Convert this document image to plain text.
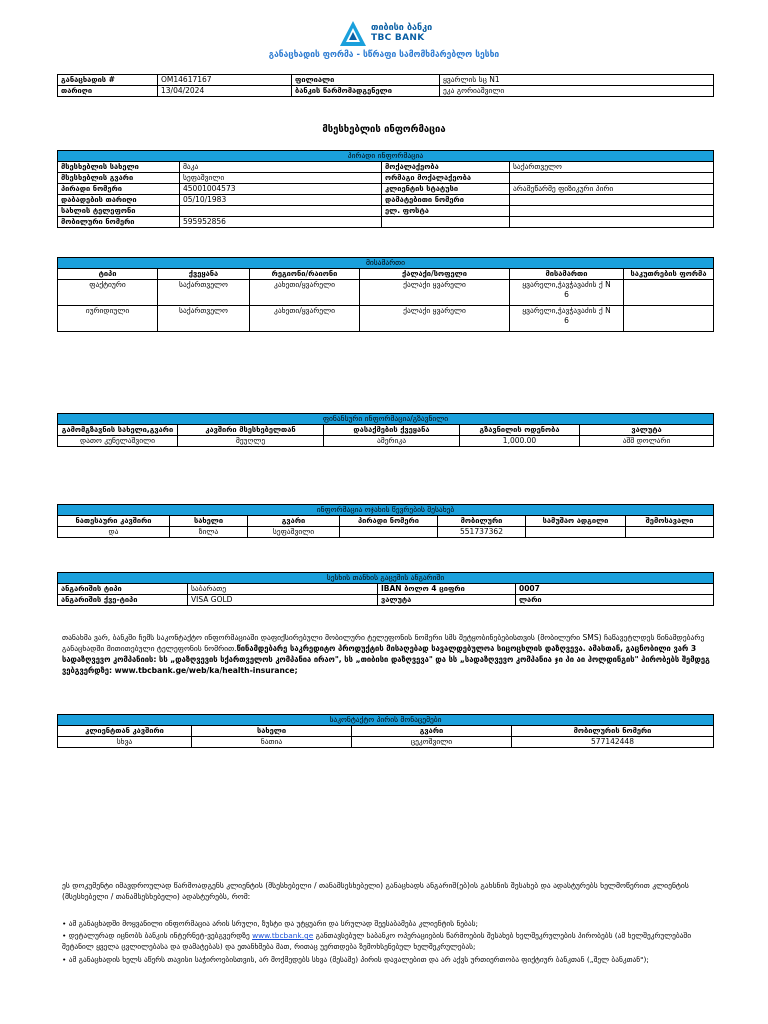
თიბისი ბანკი
TBC BANK
განაცხადის ფორმა - სწრაფი სამომხმარებლო სესხი
განაცხადის #	OM14617167	ფილიალი	ყვარლის სც N1
თარიღი	13/04/2024	ბანკის წარმომადგენელი	ეკა გორიაშვილი
მსესხებლის ინფორმაცია
პირადი ინფორმაცია			
მსესხებლის სახელი	მაკა	მოქალაქეობა	საქართველო
მსესხებლის გვარი	სეფაშვილი	ორმაგი მოქალაქეობა	
პირადი ნომერი	45001004573	კლიენტის სტატუსი	არამეწარმე ფიზიკური პირი
დაბადების თარიღი	05/10/1983	დამატებითი ნომერი	
სახლის ტელეფონი		ელ. ფოსტა	
მობილური ნომერი	595952856		
მისამართი					
ტიპი	ქვეყანა	რეგიონი/რაიონი	ქალაქი/სოფელი	მისამართი	საკუთრების ფორმა
ფაქტიური	საქართველო	კახეთი/ყვარელი	ქალაქი ყვარელი	ყვარელი,ჭავჭავაძის ქ N
6	

იურიდიული	საქართველო	კახეთი/ყვარელი	ქალაქი ყვარელი	ყვარელი,ჭავჭავაძის ქ N
6	

ფინანსური ინფორმაცია/გზავნილი				
გამომგზავნის სახელი,გვარი	კავშირი მსესხებელთან	დასაქმების ქვეყანა	გზავნილის ოდენობა	ვალუტა
დათო კუნელაშვილი	მეუღლე	ამერიკა	1,000.00	აშშ დოლარი
ინფორმაცია ოჯახის წევრების შესახებ						
ნათესაური კავშირი	სახელი	გვარი	პირადი ნომერი	მობილური	სამუშაო ადგილი	შემოსავალი
და	ზილა	სეფაშვილი		551737362		
სესხის თანხის გაცემის ანგარიში			
ანგარიშის ტიპი	საბარათე	IBAN ბოლო 4 ციფრი	0007
ანგარიშის ქვე-ტიპი	VISA GOLD	ვალუტა	ლარი
თანახმა ვარ, ბანკში ჩემს საკონტაქტო ინფორმაციაში დაფიქსირებული მობილური ტელეფონის ნომერი სმს შეტყობინებებისთვის (მობილური SMS) ჩაწავეტლდეს წინამდებარე განაცხადში მითითებული ტელეფონის ნომრით.წინამდებარე საკრედიტო პროდუქტის მისაღებად სავალდებულოა სიცოცხლის დაზღვევა. ამასთან, გაცნობილი ვარ 3 სადაზღვევო კომპანიის: სს „დაზღვევის სქართველოს კომპანია ირაო", სს „თიბისი დაზღვევა" და სს „სადაზღვევო კომპანია ჯი პი აი ჰოლდინგის" პირობებს შემდეგ ვებგვერდზე: www.tbcbank.ge/web/ka/health-insurance;
საკონტაქტო პირის მონაცემები			
კლიენტთან კავშირი	სახელი	გვარი	მობილურის ნომერი
სხვა	ნათია	ცეკოშვილი	577142448
ეს დოკუმენტი იმავდროულად წარმოადგენს კლიენტის (მსესხებელი / თანამსესხებელი) განაცხადს ანგარიშ(ებ)ის გახსნის შესახებ და ადასტურებს ხელმოწერით კლიენტის (მსესხებელი / თანამსესხებელი) ადასტურებს, რომ:
• ამ განაცხადში მოყვანილი ინფორმაცია არის სრული, ზუსტი და უტყუარი და სრულად შეესაბამება კლიენტის ნებას;
• დეტალურად იცნობს ბანკის ინტერნეტ-ვებგვერდზე www.tbcbank.ge განთავსებულ საბანკო ოპერაციების წარმოების შესახებ ხელშეკრულების პირობებს (ამ ხელშეკრულებაში შეტანილ ყველა ცვლილებასა და დამატებას) და ეთანხმება მათ, რითაც უერთდება ზემოხსენებულ ხელშეკრულებას;
• ამ განაცხადის ხელს აწერს თავისი საჭიროებისთვის, არ მოქმედებს სხვა (მესამე) პირის დავალებით და არ აქვს ურთიერთობა ფიქტიურ ბანკთან („შელ ბანკთან");
